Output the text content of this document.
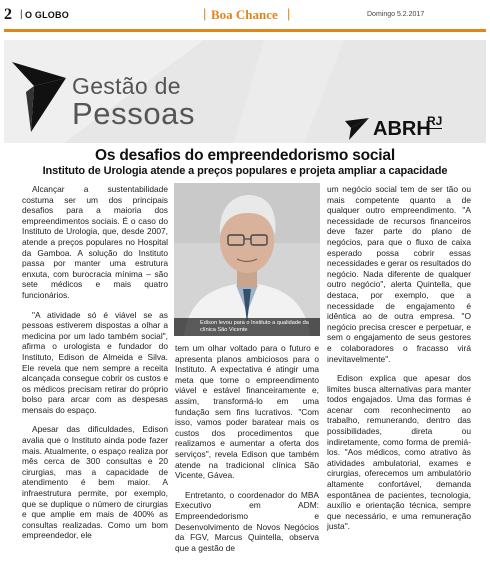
2 | O GLOBO	| Boa Chance |	Domingo 5.2.2017
Gestão de
Pessoas	ABRH
RJ
Os desafios do empreendedorismo social
Instituto de Urologia atende a preços populares e projeta ampliar a capacidade

Alcançar a sustentabilidade costuma ser um dos principais desafios para a maioria dos empreendimentos sociais. É o caso do Instituto de Urologia, que, desde 2007, atende a preços populares no Hospital da Gamboa. A solução do Instituto passa por manter uma estrutura enxuta, com burocracia mínima – são sete médicos e mais quatro funcionários.

"A atividade só é viável se as pessoas estiverem dispostas a olhar a medicina por um lado também social", afirma o urologista e fundador do Instituto, Edison de Almeida e Silva. Ele revela que nem sempre a receita alcançada consegue cobrir os custos e os médicos precisam retirar do próprio bolso para arcar com as despesas mensais do espaço.

Apesar das dificuldades, Edison avalia que o Instituto ainda pode fazer mais. Atualmente, o espaço realiza por mês cerca de 300 consultas e 20 cirurgias, mas a capacidade de atendimento é bem maior. A infraestrutura permite, por exemplo, que se duplique o número de cirurgias e que amplie em mais de 400% as consultas realizadas. Como um bom empreendedor, ele

Edison levou para o Instituto a qualidade da clínica São Vicente

tem um olhar voltado para o futuro e apresenta planos ambiciosos para o Instituto. A expectativa é atingir uma meta que torne o empreendimento viável e estável financeiramente e, assim, transformá-lo em uma fundação sem fins lucrativos. "Com isso, vamos poder baratear mais os custos dos procedimentos que realizamos e aumentar a oferta dos serviços", revela Edison que também atende na tradicional clínica São Vicente, Gávea.

Entretanto, o coordenador do MBA Executivo em ADM: Empreendedorismo e Desenvolvimento de Novos Negócios da FGV, Marcus Quintella, observa que a gestão de

um negócio social tem de ser tão ou mais competente quanto a de qualquer outro empreendimento. "A necessidade de recursos financeiros deve fazer parte do plano de negócios, para que o fluxo de caixa esperado possa cobrir essas necessidades e gerar os resultados do negócio. Nada diferente de qualquer outro negócio", alerta Quintella, que destaca, por exemplo, que a necessidade de engajamento é idêntica ao de outra empresa. "O negócio precisa crescer e perpetuar, e sem o engajamento de seus gestores e colaboradores o fracasso virá inevitavelmente".

Edison explica que apesar dos limites busca alternativas para manter todos engajados. Uma das formas é acenar com reconhecimento ao trabalho, remunerando, dentro das possibilidades, direta ou indiretamente, como forma de premiá-los. "Aos médicos, como atrativo às atividades ambulatorial, exames e cirurgias, oferecemos um ambulatório altamente confortável, demanda espontânea de pacientes, tecnologia, auxílio e orientação técnica, sempre que necessário, e uma remuneração justa".
